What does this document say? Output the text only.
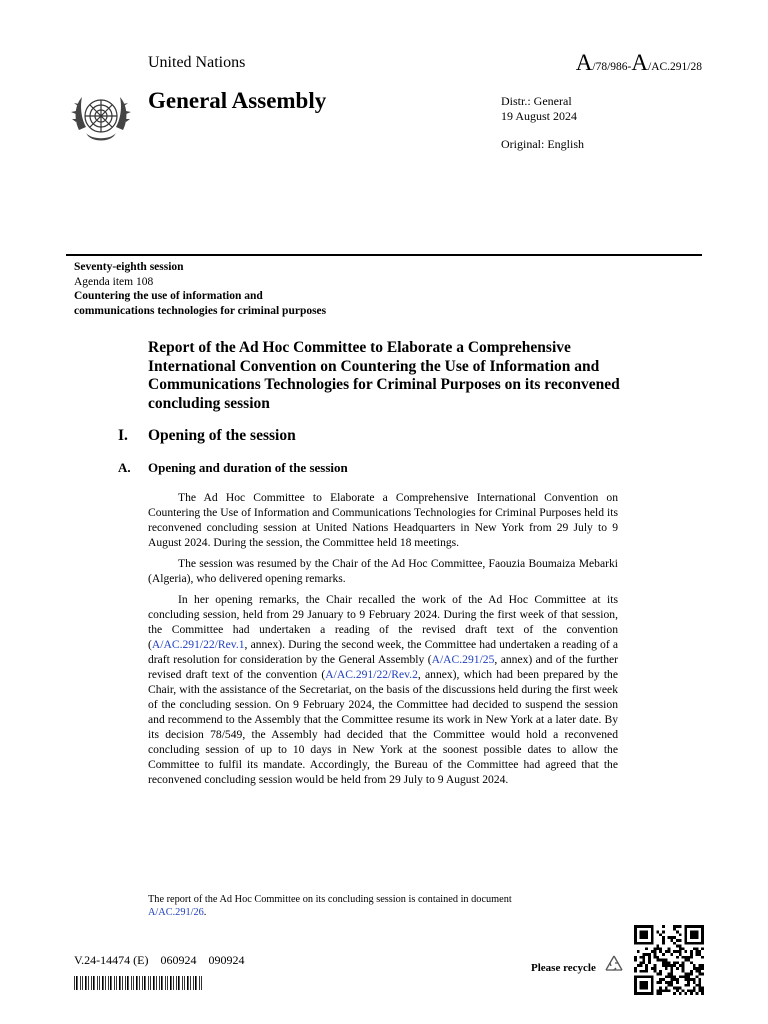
United Nations	A/78/986-A/AC.291/28
General Assembly	Distr.: General
19 August 2024
Original: English
Seventy-eighth session
Agenda item 108
Countering the use of information and
communications technologies for criminal purposes
Report of the Ad Hoc Committee to Elaborate a Comprehensive International Convention on Countering the Use of Information and Communications Technologies for Criminal Purposes on its reconvened concluding session
I. Opening of the session
A. Opening and duration of the session

The Ad Hoc Committee to Elaborate a Comprehensive International Convention on Countering the Use of Information and Communications Technologies for Criminal Purposes held its reconvened concluding session at United Nations Headquarters in New York from 29 July to 9 August 2024. During the session, the Committee held 18 meetings.

The session was resumed by the Chair of the Ad Hoc Committee, Faouzia Boumaiza Mebarki (Algeria), who delivered opening remarks.

In her opening remarks, the Chair recalled the work of the Ad Hoc Committee at its concluding session, held from 29 January to 9 February 2024. During the first week of that session, the Committee had undertaken a reading of the revised draft text of the convention (A/AC.291/22/Rev.1, annex). During the second week, the Committee had undertaken a reading of a draft resolution for consideration by the General Assembly (A/AC.291/25, annex) and of the further revised draft text of the convention (A/AC.291/22/Rev.2, annex), which had been prepared by the Chair, with the assistance of the Secretariat, on the basis of the discussions held during the first week of the concluding session. On 9 February 2024, the Committee had decided to suspend the session and recommend to the Assembly that the Committee resume its work in New York at a later date. By its decision 78/549, the Assembly had decided that the Committee would hold a reconvened concluding session of up to 10 days in New York at the soonest possible dates to allow the Committee to fulfil its mandate. Accordingly, the Bureau of the Committee had agreed that the reconvened concluding session would be held from 29 July to 9 August 2024.

The report of the Ad Hoc Committee on its concluding session is contained in document
A/AC.291/26.
V.24-14474 (E)    060924    090924
Please recycle
